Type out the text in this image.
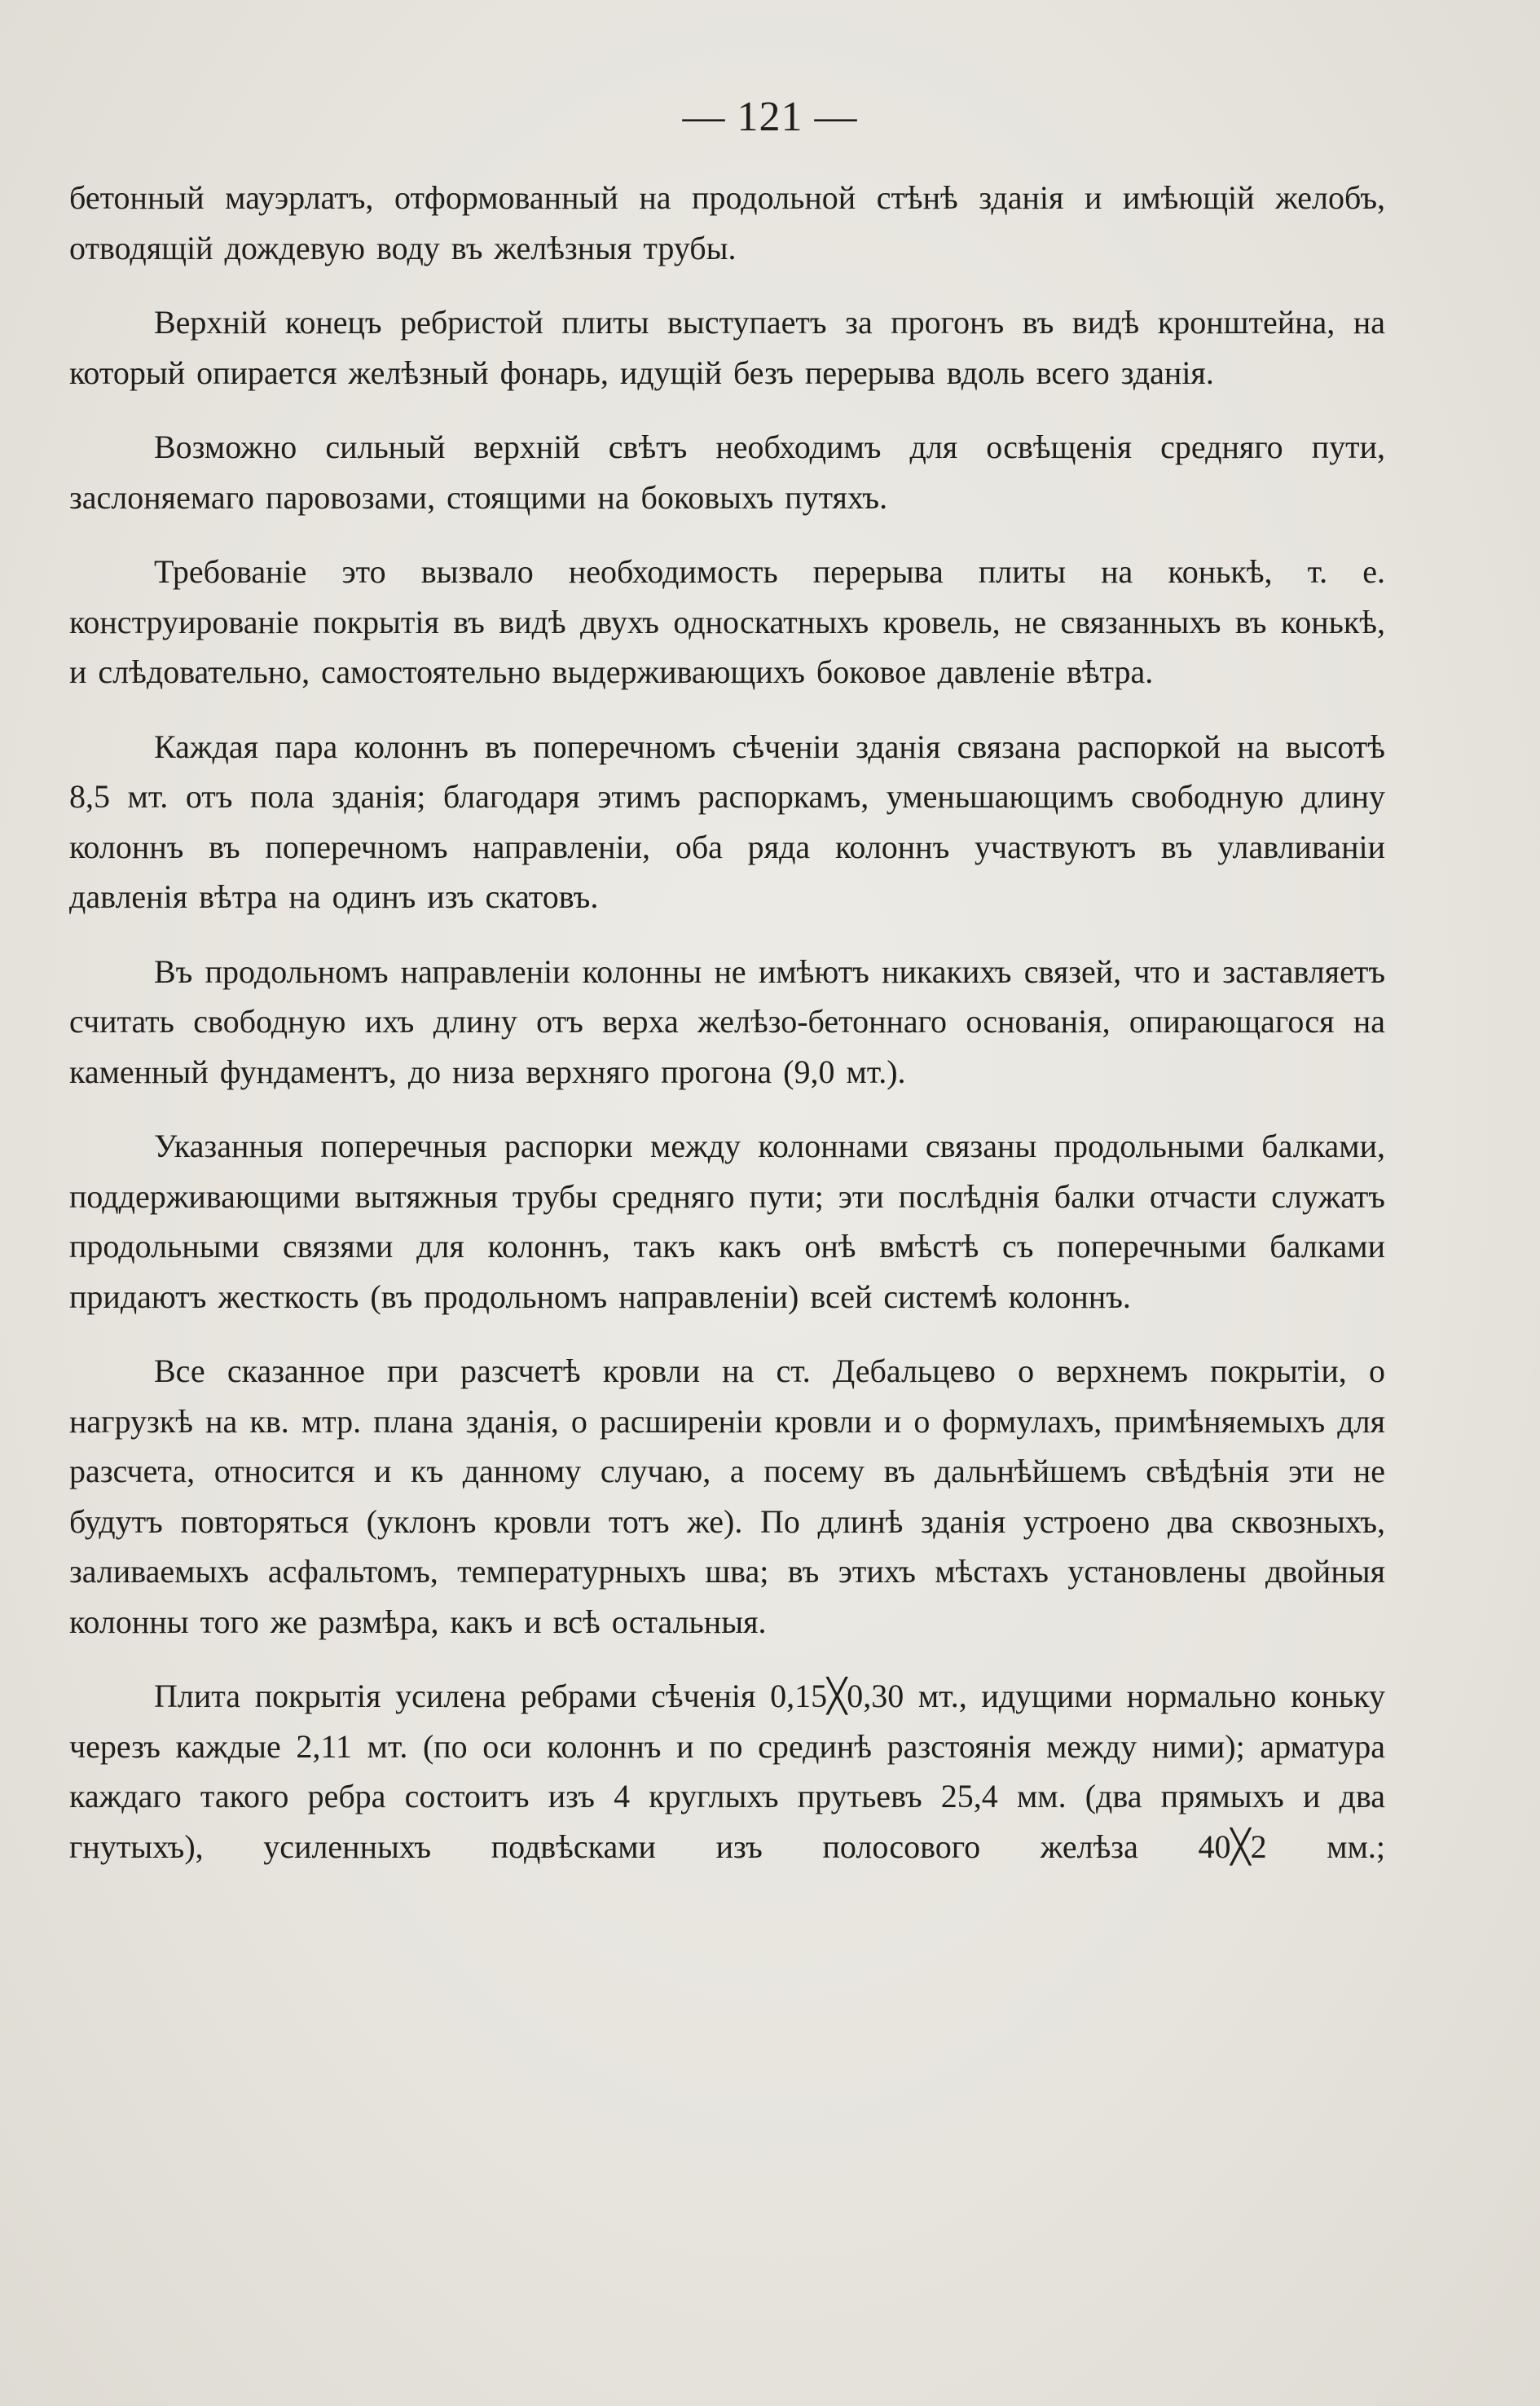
— 121 —

бетонный мауэрлатъ, отформованный на продольной стѣнѣ зданія и имѣющій желобъ, отводящій дождевую воду въ желѣзныя трубы.

Верхній конецъ ребристой плиты выступаетъ за прогонъ въ видѣ кронштейна, на который опирается желѣзный фонарь, идущій безъ перерыва вдоль всего зданія.

Возможно сильный верхній свѣтъ необходимъ для освѣщенія средняго пути, заслоняемаго паровозами, стоящими на боковыхъ путяхъ.

Требованіе это вызвало необходимость перерыва плиты на конькѣ, т. е. конструированіе покрытія въ видѣ двухъ односкатныхъ кровель, не связанныхъ въ конькѣ, и слѣдовательно, самостоятельно выдерживающихъ боковое давленіе вѣтра.

Каждая пара колоннъ въ поперечномъ сѣченіи зданія связана распоркой на высотѣ 8,5 мт. отъ пола зданія; благодаря этимъ распоркамъ, уменьшающимъ свободную длину колоннъ въ поперечномъ направленіи, оба ряда колоннъ участвуютъ въ улавливаніи давленія вѣтра на одинъ изъ скатовъ.

Въ продольномъ направленіи колонны не имѣютъ никакихъ связей, что и заставляетъ считать свободную ихъ длину отъ верха желѣзо-бетоннаго основанія, опирающагося на каменный фундаментъ, до низа верхняго прогона (9,0 мт.).

Указанныя поперечныя распорки между колоннами связаны продольными балками, поддерживающими вытяжныя трубы средняго пути; эти послѣднія балки отчасти служатъ продольными связями для колоннъ, такъ какъ онѣ вмѣстѣ съ поперечными балками придаютъ жесткость (въ продольномъ направленіи) всей системѣ колоннъ.

Все сказанное при разсчетѣ кровли на ст. Дебальцево о верхнемъ покрытіи, о нагрузкѣ на кв. мтр. плана зданія, о расширеніи кровли и о формулахъ, примѣняемыхъ для разсчета, относится и къ данному случаю, а посему въ дальнѣйшемъ свѣдѣнія эти не будутъ повторяться (уклонъ кровли тотъ же). По длинѣ зданія устроено два сквозныхъ, заливаемыхъ асфальтомъ, температурныхъ шва; въ этихъ мѣстахъ установлены двойныя колонны того же размѣра, какъ и всѣ остальныя.

Плита покрытія усилена ребрами сѣченія 0,15╳0,30 мт., идущими нормально коньку черезъ каждые 2,11 мт. (по оси колоннъ и по срединѣ разстоянія между ними); арматура каждаго такого ребра состоитъ изъ 4 круглыхъ прутьевъ 25,4 мм. (два прямыхъ и два гнутыхъ), усиленныхъ подвѣсками изъ полосового желѣза 40╳2 мм.;
